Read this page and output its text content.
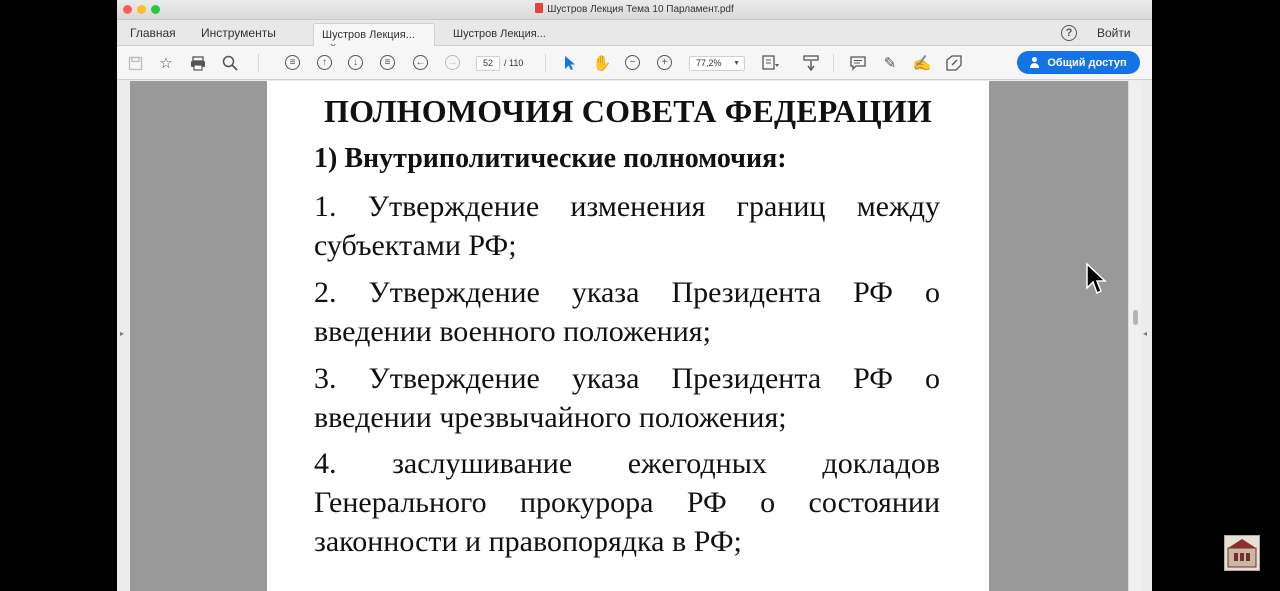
Шустров Лекция Тема 10 Парламент.pdf
Главная Инструменты	Шустров Лекция...	Шустров Лекция...	?	Войти
☆	≡	↑	↓	≡	← →	52	/ 110	✋	−	+	77,2% ▼	✎ ✍	Общий доступ
▸
ПОЛНОМОЧИЯ СОВЕТА ФЕДЕРАЦИИ
1) Внутриполитические полномочия:
1. Утверждение изменения границ между субъектами РФ;
2. Утверждение указа Президента РФ о введении военного положения;
3. Утверждение указа Президента РФ о введении чрезвычайного положения;
4. заслушивание ежегодных докладов Генерального прокурора РФ о состоянии законности и правопорядка в РФ;
◂
